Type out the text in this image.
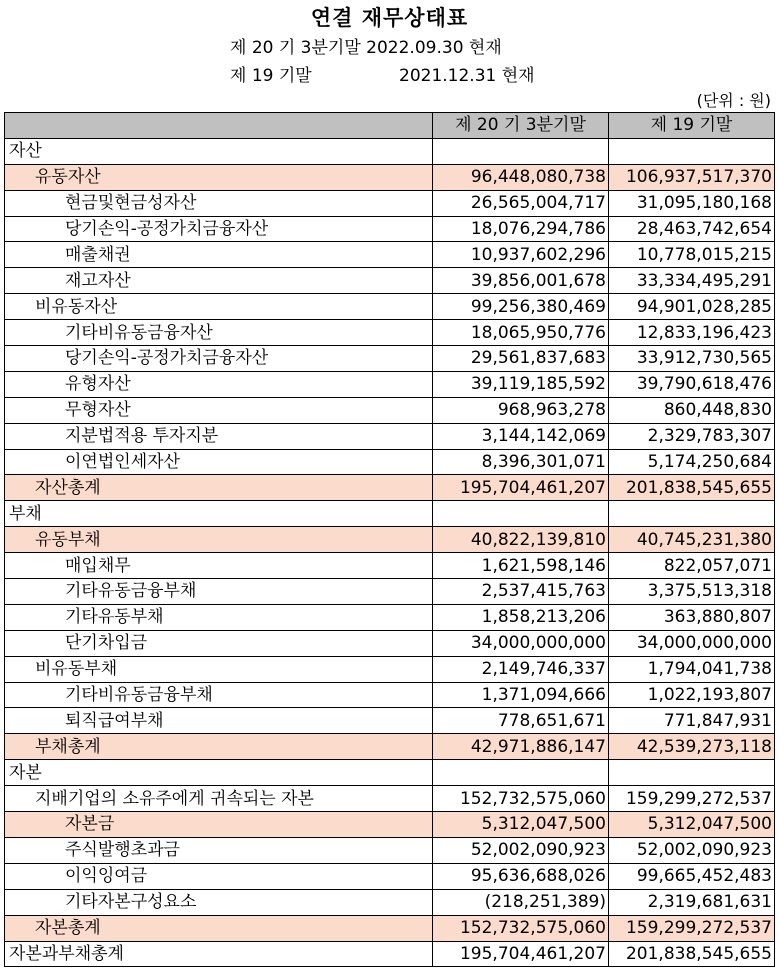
연결 재무상태표
제 20 기 3분기말 2022.09.30 현재
제 19 기말	2021.12.31 현재
(단위 : 원)
	제 20 기 3분기말	제 19 기말
자산		
유동자산	96,448,080,738	106,937,517,370
현금및현금성자산	26,565,004,717	31,095,180,168
당기손익-공정가치금융자산	18,076,294,786	28,463,742,654
매출채권	10,937,602,296	10,778,015,215
재고자산	39,856,001,678	33,334,495,291
비유동자산	99,256,380,469	94,901,028,285
기타비유동금융자산	18,065,950,776	12,833,196,423
당기손익-공정가치금융자산	29,561,837,683	33,912,730,565
유형자산	39,119,185,592	39,790,618,476
무형자산	968,963,278	860,448,830
지분법적용 투자지분	3,144,142,069	2,329,783,307
이연법인세자산	8,396,301,071	5,174,250,684
자산총계	195,704,461,207	201,838,545,655
부채		
유동부채	40,822,139,810	40,745,231,380
매입채무	1,621,598,146	822,057,071
기타유동금융부채	2,537,415,763	3,375,513,318
기타유동부채	1,858,213,206	363,880,807
단기차입금	34,000,000,000	34,000,000,000
비유동부채	2,149,746,337	1,794,041,738
기타비유동금융부채	1,371,094,666	1,022,193,807
퇴직급여부채	778,651,671	771,847,931
부채총계	42,971,886,147	42,539,273,118
자본		
지배기업의 소유주에게 귀속되는 자본	152,732,575,060	159,299,272,537
자본금	5,312,047,500	5,312,047,500
주식발행초과금	52,002,090,923	52,002,090,923
이익잉여금	95,636,688,026	99,665,452,483
기타자본구성요소	(218,251,389)	2,319,681,631
자본총계	152,732,575,060	159,299,272,537
자본과부채총계	195,704,461,207	201,838,545,655
